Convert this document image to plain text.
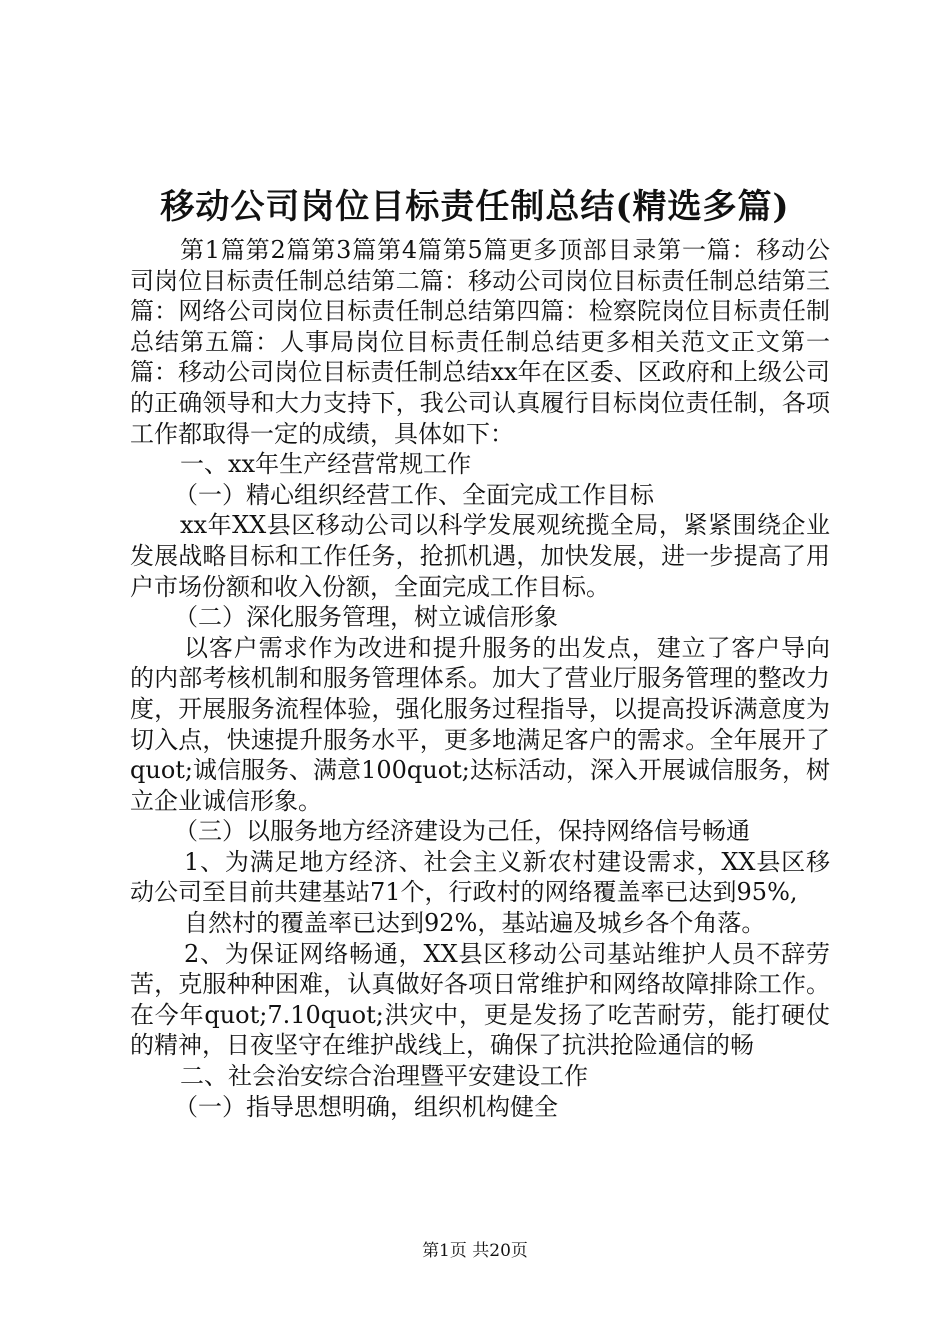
移动公司岗位目标责任制总结(精选多篇)

第1篇第2篇第3篇第4篇第5篇更多顶部目录第一篇：移动公司岗位目标责任制总结第二篇：移动公司岗位目标责任制总结第三篇：网络公司岗位目标责任制总结第四篇：检察院岗位目标责任制总结第五篇：人事局岗位目标责任制总结更多相关范文正文第一篇：移动公司岗位目标责任制总结xx年在区委、区政府和上级公司的正确领导和大力支持下，我公司认真履行目标岗位责任制，各项工作都取得一定的成绩，具体如下：

一、xx年生产经营常规工作

（一）精心组织经营工作、全面完成工作目标

xx年XX县区移动公司以科学发展观统揽全局，紧紧围绕企业发展战略目标和工作任务，抢抓机遇，加快发展，进一步提高了用户市场份额和收入份额，全面完成工作目标。

（二）深化服务管理，树立诚信形象

以客户需求作为改进和提升服务的出发点，建立了客户导向的内部考核机制和服务管理体系。加大了营业厅服务管理的整改力度，开展服务流程体验，强化服务过程指导，以提高投诉满意度为切入点，快速提升服务水平，更多地满足客户的需求。全年展开了quot;诚信服务、满意100quot;达标活动，深入开展诚信服务，树立企业诚信形象。

（三）以服务地方经济建设为己任，保持网络信号畅通

1、为满足地方经济、社会主义新农村建设需求，XX县区移动公司至目前共建基站71个，行政村的网络覆盖率已达到95%,

自然村的覆盖率已达到92%，基站遍及城乡各个角落。

2、为保证网络畅通，XX县区移动公司基站维护人员不辞劳苦，克服种种困难，认真做好各项日常维护和网络故障排除工作。在今年quot;7.10quot;洪灾中，更是发扬了吃苦耐劳，能打硬仗的精神，日夜坚守在维护战线上，确保了抗洪抢险通信的畅

二、社会治安综合治理暨平安建设工作

（一）指导思想明确，组织机构健全

第1页 共20页
